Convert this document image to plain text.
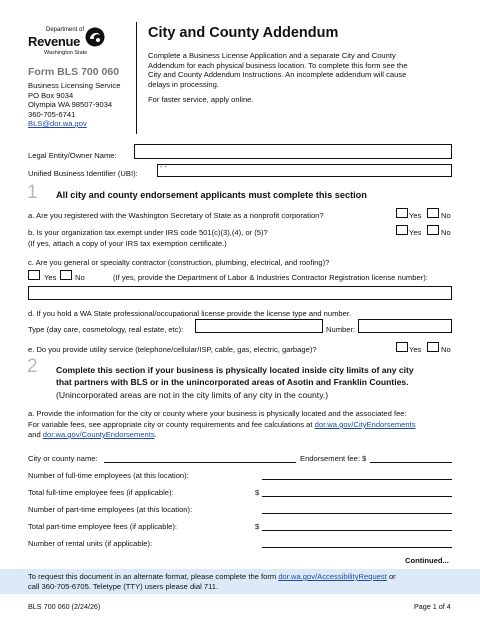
Department of
Revenue
Washington State
Form BLS 700 060
Business Licensing Service
PO Box 9034
Olympia WA 98507-9034
360-705-6741
BLS@dor.wa.gov
City and County Addendum
Complete a Business License Application and a separate City and County Addendum for each physical business location. To complete this form see the City and County Addendum Instructions. An incomplete addendum will cause delays in processing.
For faster service, apply online.
Legal Entity/Owner Name:
Unified Business Identifier (UBI):
- -
1 All city and county endorsement applicants must complete this section
a. Are you registered with the Washington Secretary of State as a nonprofit corporation?	Yes	No
b. Is your organization tax exempt under IRS code 501(c)(3),(4), or (5)?	Yes	No
(If yes, attach a copy of your IRS tax exemption certificate.)
c. Are you general or specialty contractor (construction, plumbing, electrical, and roofing)?
Yes No	(If yes, provide the Department of Labor & Industries Contractor Registration license number):
d. If you hold a WA State professional/occupational license provide the license type and number.
Type (day care, cosmetology, real estate, etc):	Number:
e. Do you provide utility service (telephone/cellular/ISP, cable, gas, electric, garbage)?	Yes	No
2 Complete this section if your business is physically located inside city limits of any city
that partners with BLS or in the unincorporated areas of Asotin and Franklin Counties.
(Unincorporated areas are not in the city limits of any city in the county.)
a. Provide the information for the city or county where your business is physically located and the associated fee:
For variable fees, see appropriate city or county requirements and fee calculations at dor.wa.gov/CityEndorsements
and dor.wa.gov/CountyEndorsements.
City or county name:	Endorsement fee: $
Number of full-time employees (at this location):
Total full-time employee fees (if applicable):	$
Number of part-time employees (at this location):
Total part-time employee fees (if applicable):	$
Number of rental units (if applicable):
Continued...
To request this document in an alternate format, please complete the form dor.wa.gov/AccessibilityRequest or
call 360-705-6705. Teletype (TTY) users please dial 711.
BLS 700 060 (2/24/26)	Page 1 of 4
